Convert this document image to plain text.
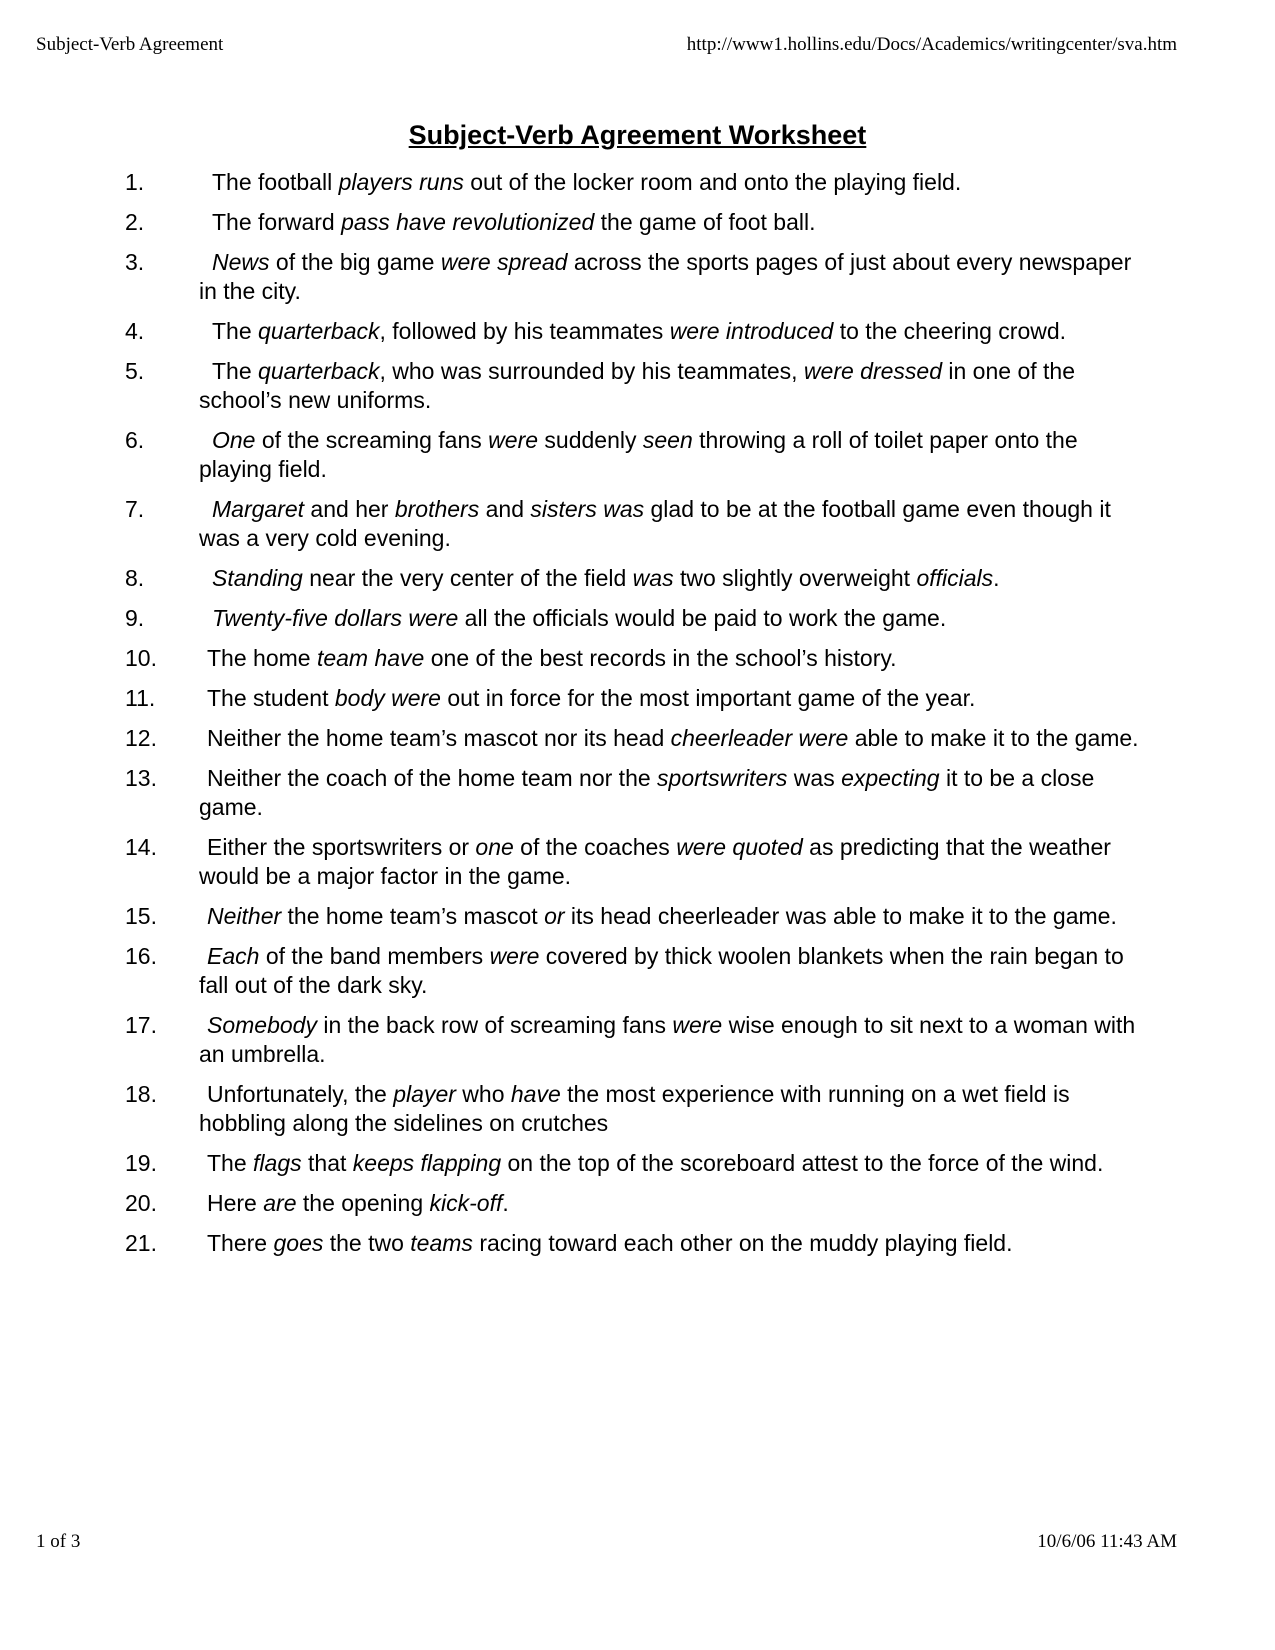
Subject-Verb Agreement	http://www1.hollins.edu/Docs/Academics/writingcenter/sva.htm
Subject-Verb Agreement Worksheet
1.	The football players runs out of the locker room and onto the playing field.
2.	The forward pass have revolutionized the game of foot ball.
3.	News of the big game were spread across the sports pages of just about every newspaper in the city.
4.	The quarterback, followed by his teammates were introduced to the cheering crowd.
5.	The quarterback, who was surrounded by his teammates, were dressed in one of the school’s new uniforms.
6.	One of the screaming fans were suddenly seen throwing a roll of toilet paper onto the playing field.
7.	Margaret and her brothers and sisters was glad to be at the football game even though it was a very cold evening.
8.	Standing near the very center of the field was two slightly overweight officials.
9.	Twenty-five dollars were all the officials would be paid to work the game.
10.	The home team have one of the best records in the school’s history.
11.	The student body were out in force for the most important game of the year.
12.	Neither the home team’s mascot nor its head cheerleader were able to make it to the game.
13.	Neither the coach of the home team nor the sportswriters was expecting it to be a close game.
14.	Either the sportswriters or one of the coaches were quoted as predicting that the weather would be a major factor in the game.
15.	Neither the home team’s mascot or its head cheerleader was able to make it to the game.
16.	Each of the band members were covered by thick woolen blankets when the rain began to fall out of the dark sky.
17.	Somebody in the back row of screaming fans were wise enough to sit next to a woman with an umbrella.
18.	Unfortunately, the player who have the most experience with running on a wet field is hobbling along the sidelines on crutches
19.	The flags that keeps flapping on the top of the scoreboard attest to the force of the wind.
20.	Here are the opening kick-off.
21.	There goes the two teams racing toward each other on the muddy playing field.
1 of 3	10/6/06 11:43 AM
